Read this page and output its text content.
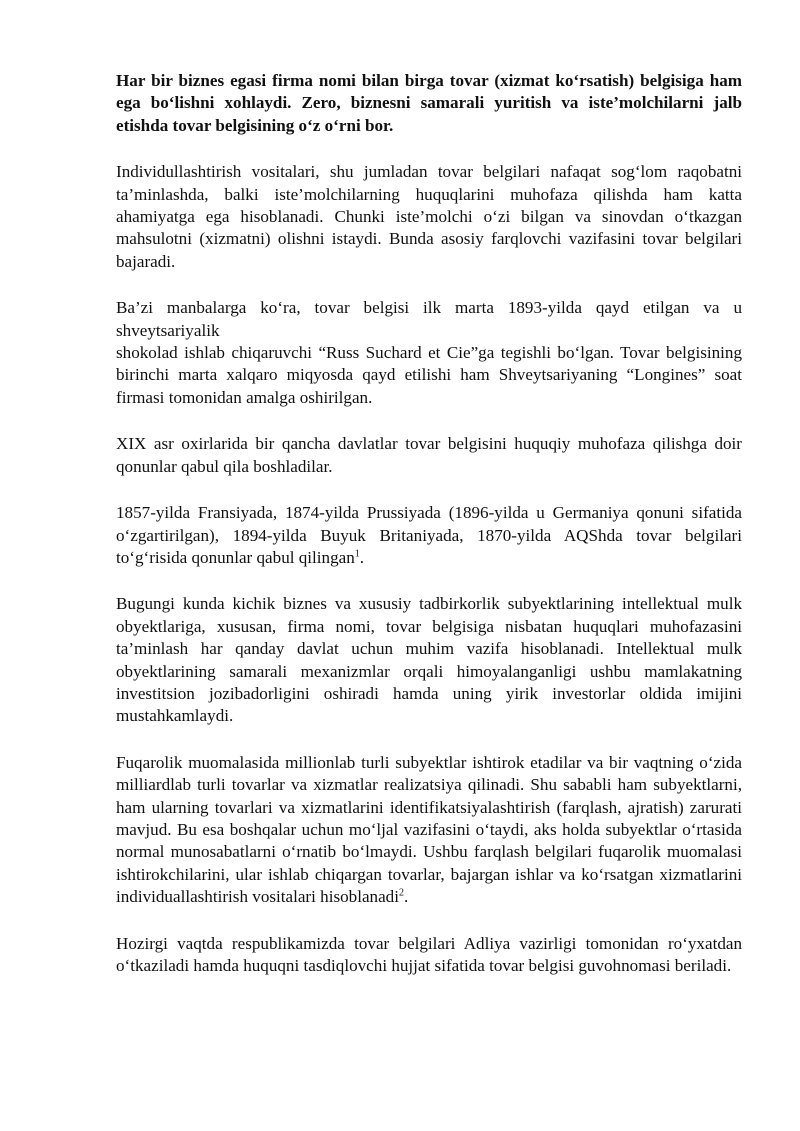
Har bir biznes egasi firma nomi bilan birga tovar (xizmat ko‘rsatish) belgisiga ham ega bo‘lishni xohlaydi. Zero, biznesni samarali yuritish va iste’molchilarni jalb etishda tovar belgisining o‘z o‘rni bor.

Individullashtirish vositalari, shu jumladan tovar belgilari nafaqat sog‘lom raqobatni ta’minlashda, balki iste’molchilarning huquqlarini muhofaza qilishda ham katta ahamiyatga ega hisoblanadi. Chunki iste’molchi o‘zi bilgan va sinovdan o‘tkazgan mahsulotni (xizmatni) olishni istaydi. Bunda asosiy farqlovchi vazifasini tovar belgilari bajaradi.

Ba’zi manbalarga ko‘ra, tovar belgisi ilk marta 1893-yilda qayd etilgan va u shveytsariyalik

shokolad ishlab chiqaruvchi “Russ Suchard et Cie”ga tegishli bo‘lgan. Tovar belgisining birinchi marta xalqaro miqyosda qayd etilishi ham Shveytsariyaning “Longines” soat firmasi tomonidan amalga oshirilgan.

XIX asr oxirlarida bir qancha davlatlar tovar belgisini huquqiy muhofaza qilishga doir qonunlar qabul qila boshladilar.

1857-yilda Fransiyada, 1874-yilda Prussiyada (1896-yilda u Germaniya qonuni sifatida o‘zgartirilgan), 1894-yilda Buyuk Britaniyada, 1870-yilda AQShda tovar belgilari to‘g‘risida qonunlar qabul qilingan$^1$.

Bugungi kunda kichik biznes va xususiy tadbirkorlik subyektlarining intellektual mulk obyektlariga, xususan, firma nomi, tovar belgisiga nisbatan huquqlari muhofazasini ta’minlash har qanday davlat uchun muhim vazifa hisoblanadi. Intellektual mulk obyektlarining samarali mexanizmlar orqali himoyalanganligi ushbu mamlakatning investitsion jozibadorligini oshiradi hamda uning yirik investorlar oldida imijini mustahkamlaydi.

Fuqarolik muomalasida millionlab turli subyektlar ishtirok etadilar va bir vaqtning o‘zida milliardlab turli tovarlar va xizmatlar realizatsiya qilinadi. Shu sababli ham subyektlarni, ham ularning tovarlari va xizmatlarini identifikatsiyalashtirish (farqlash, ajratish) zarurati mavjud. Bu esa boshqalar uchun mo‘ljal vazifasini o‘taydi, aks holda subyektlar o‘rtasida normal munosabatlarni o‘rnatib bo‘lmaydi. Ushbu farqlash belgilari fuqarolik muomalasi ishtirokchilarini, ular ishlab chiqargan tovarlar, bajargan ishlar va ko‘rsatgan xizmatlarini individuallashtirish vositalari hisoblanadi$^2$.

Hozirgi vaqtda respublikamizda tovar belgilari Adliya vazirligi tomonidan ro‘yxatdan o‘tkaziladi hamda huquqni tasdiqlovchi hujjat sifatida tovar belgisi guvohnomasi beriladi.
